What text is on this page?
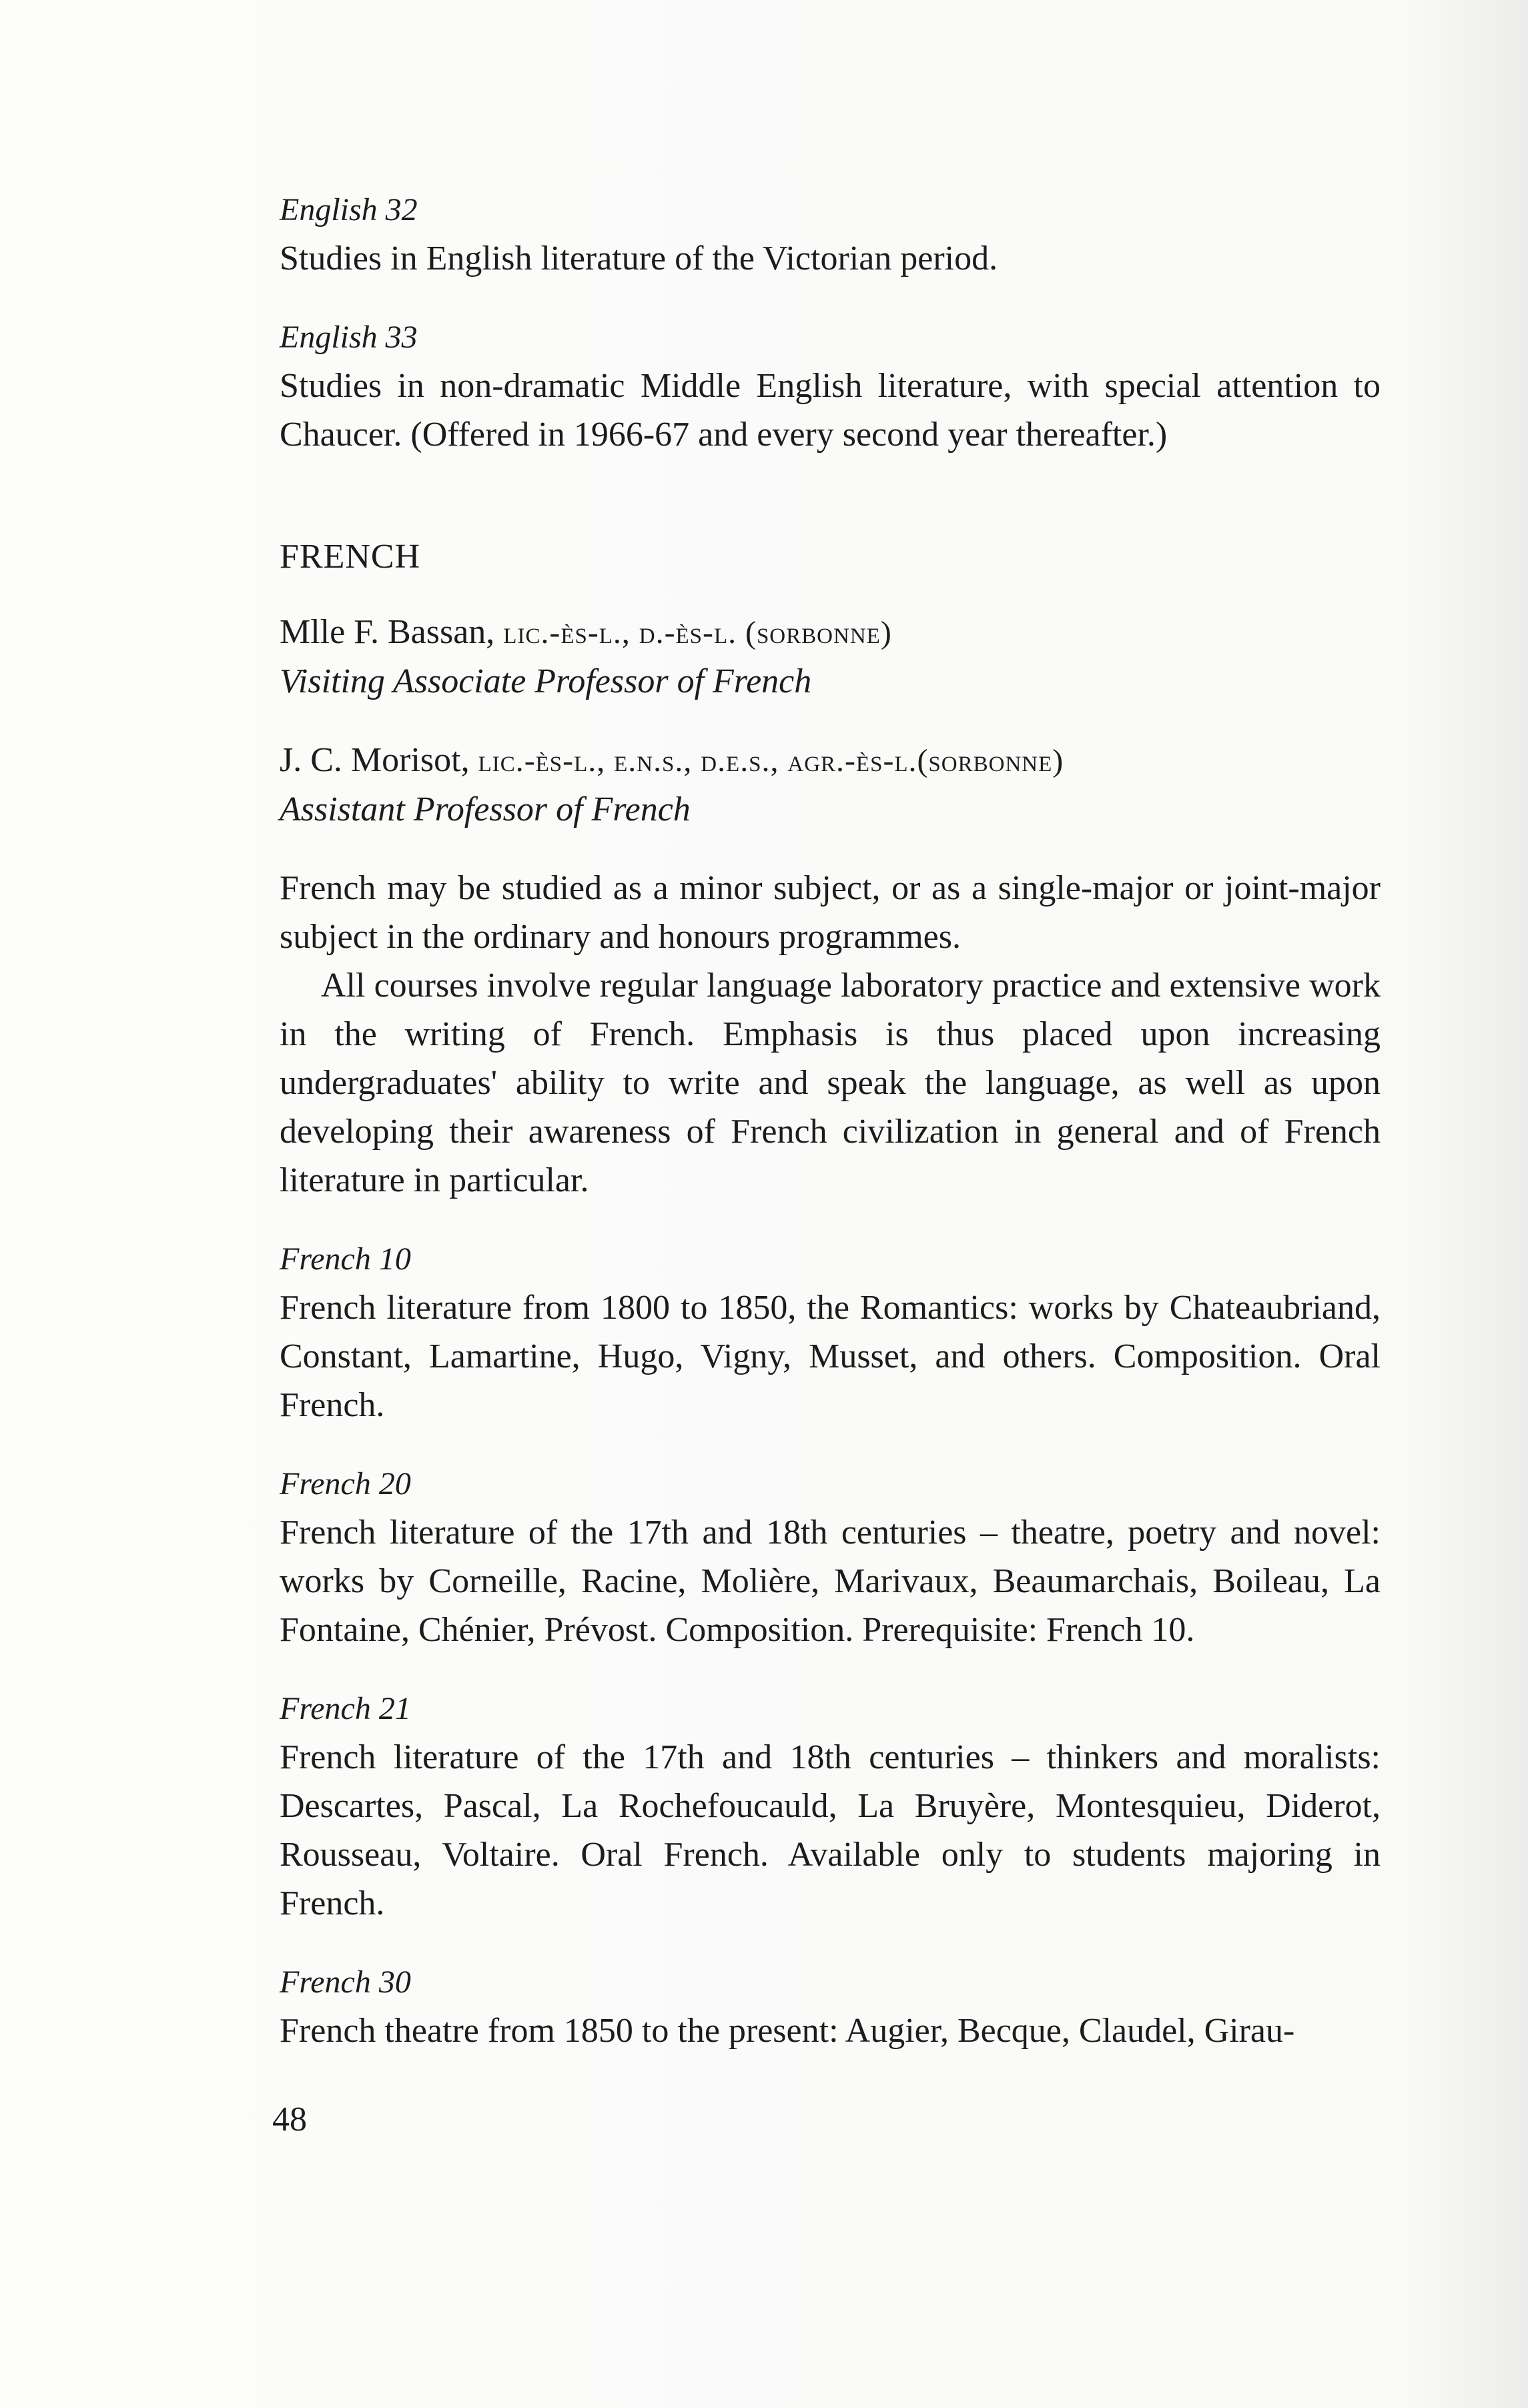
English 32
Studies in English literature of the Victorian period.
English 33
Studies in non-dramatic Middle English literature, with special attention to Chaucer. (Offered in 1966-67 and every second year thereafter.)
FRENCH
Mlle F. Bassan, lic.-ès-l., d.-ès-l. (sorbonne)
Visiting Associate Professor of French
J. C. Morisot, lic.-ès-l., e.n.s., d.e.s., agr.-ès-l.(sorbonne)
Assistant Professor of French
French may be studied as a minor subject, or as a single-major or joint-major subject in the ordinary and honours programmes.
All courses involve regular language laboratory practice and extensive work in the writing of French. Emphasis is thus placed upon increasing undergraduates' ability to write and speak the language, as well as upon developing their awareness of French civilization in general and of French literature in particular.
French 10
French literature from 1800 to 1850, the Romantics: works by Chateaubriand, Constant, Lamartine, Hugo, Vigny, Musset, and others. Composition. Oral French.
French 20
French literature of the 17th and 18th centuries – theatre, poetry and novel: works by Corneille, Racine, Molière, Marivaux, Beaumarchais, Boileau, La Fontaine, Chénier, Prévost. Composition. Prerequisite: French 10.
French 21
French literature of the 17th and 18th centuries – thinkers and moralists: Descartes, Pascal, La Rochefoucauld, La Bruyère, Montesquieu, Diderot, Rousseau, Voltaire. Oral French. Available only to students majoring in French.
French 30
French theatre from 1850 to the present: Augier, Becque, Claudel, Girau-
48
